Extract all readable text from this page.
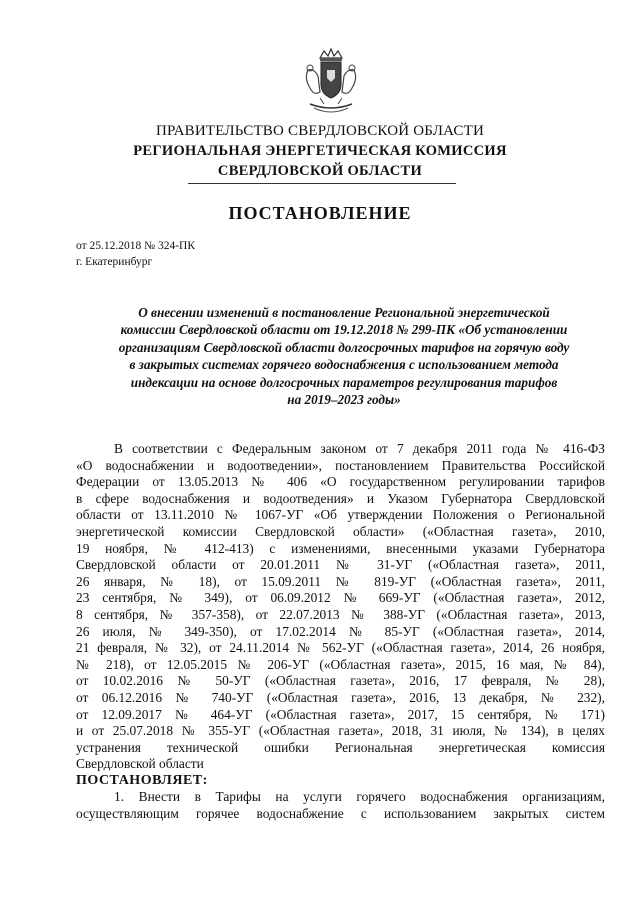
ПРАВИТЕЛЬСТВО СВЕРДЛОВСКОЙ ОБЛАСТИ
РЕГИОНАЛЬНАЯ ЭНЕРГЕТИЧЕСКАЯ КОМИССИЯ
СВЕРДЛОВСКОЙ ОБЛАСТИ
ПОСТАНОВЛЕНИЕ
от 25.12.2018 № 324-ПК
г. Екатеринбург
О внесении изменений в постановление Региональной энергетической
комиссии Свердловской области от 19.12.2018 № 299-ПК «Об установлении
организациям Свердловской области долгосрочных тарифов на горячую воду
в закрытых системах горячего водоснабжения с использованием метода
индексации на основе долгосрочных параметров регулирования тарифов
на 2019–2023 годы»
В соответствии с Федеральным законом от 7 декабря 2011 года № 416-ФЗ
«О водоснабжении и водоотведении», постановлением Правительства Российской
Федерации от 13.05.2013 № 406 «О государственном регулировании тарифов
в сфере водоснабжения и водоотведения» и Указом Губернатора Свердловской
области от 13.11.2010 № 1067-УГ «Об утверждении Положения о Региональной
энергетической комиссии Свердловской области» («Областная газета», 2010,
19 ноября, № 412-413) с изменениями, внесенными указами Губернатора
Свердловской области от 20.01.2011 № 31-УГ («Областная газета», 2011,
26 января, № 18), от 15.09.2011 № 819-УГ («Областная газета», 2011,
23 сентября, № 349), от 06.09.2012 № 669-УГ («Областная газета», 2012,
8 сентября, № 357-358), от 22.07.2013 № 388-УГ («Областная газета», 2013,
26 июля, № 349-350), от 17.02.2014 № 85-УГ («Областная газета», 2014,
21 февраля, № 32), от 24.11.2014 № 562-УГ («Областная газета», 2014, 26 ноября,
№ 218), от 12.05.2015 № 206-УГ («Областная газета», 2015, 16 мая, № 84),
от 10.02.2016 № 50-УГ («Областная газета», 2016, 17 февраля, № 28),
от 06.12.2016 № 740-УГ («Областная газета», 2016, 13 декабря, № 232),
от 12.09.2017 № 464-УГ («Областная газета», 2017, 15 сентября, № 171)
и от 25.07.2018 № 355-УГ («Областная газета», 2018, 31 июля, № 134), в целях
устранения технической ошибки Региональная энергетическая комиссия
Свердловской области
ПОСТАНОВЛЯЕТ:
1. Внести в Тарифы на услуги горячего водоснабжения организациям,
осуществляющим горячее водоснабжение с использованием закрытых систем
